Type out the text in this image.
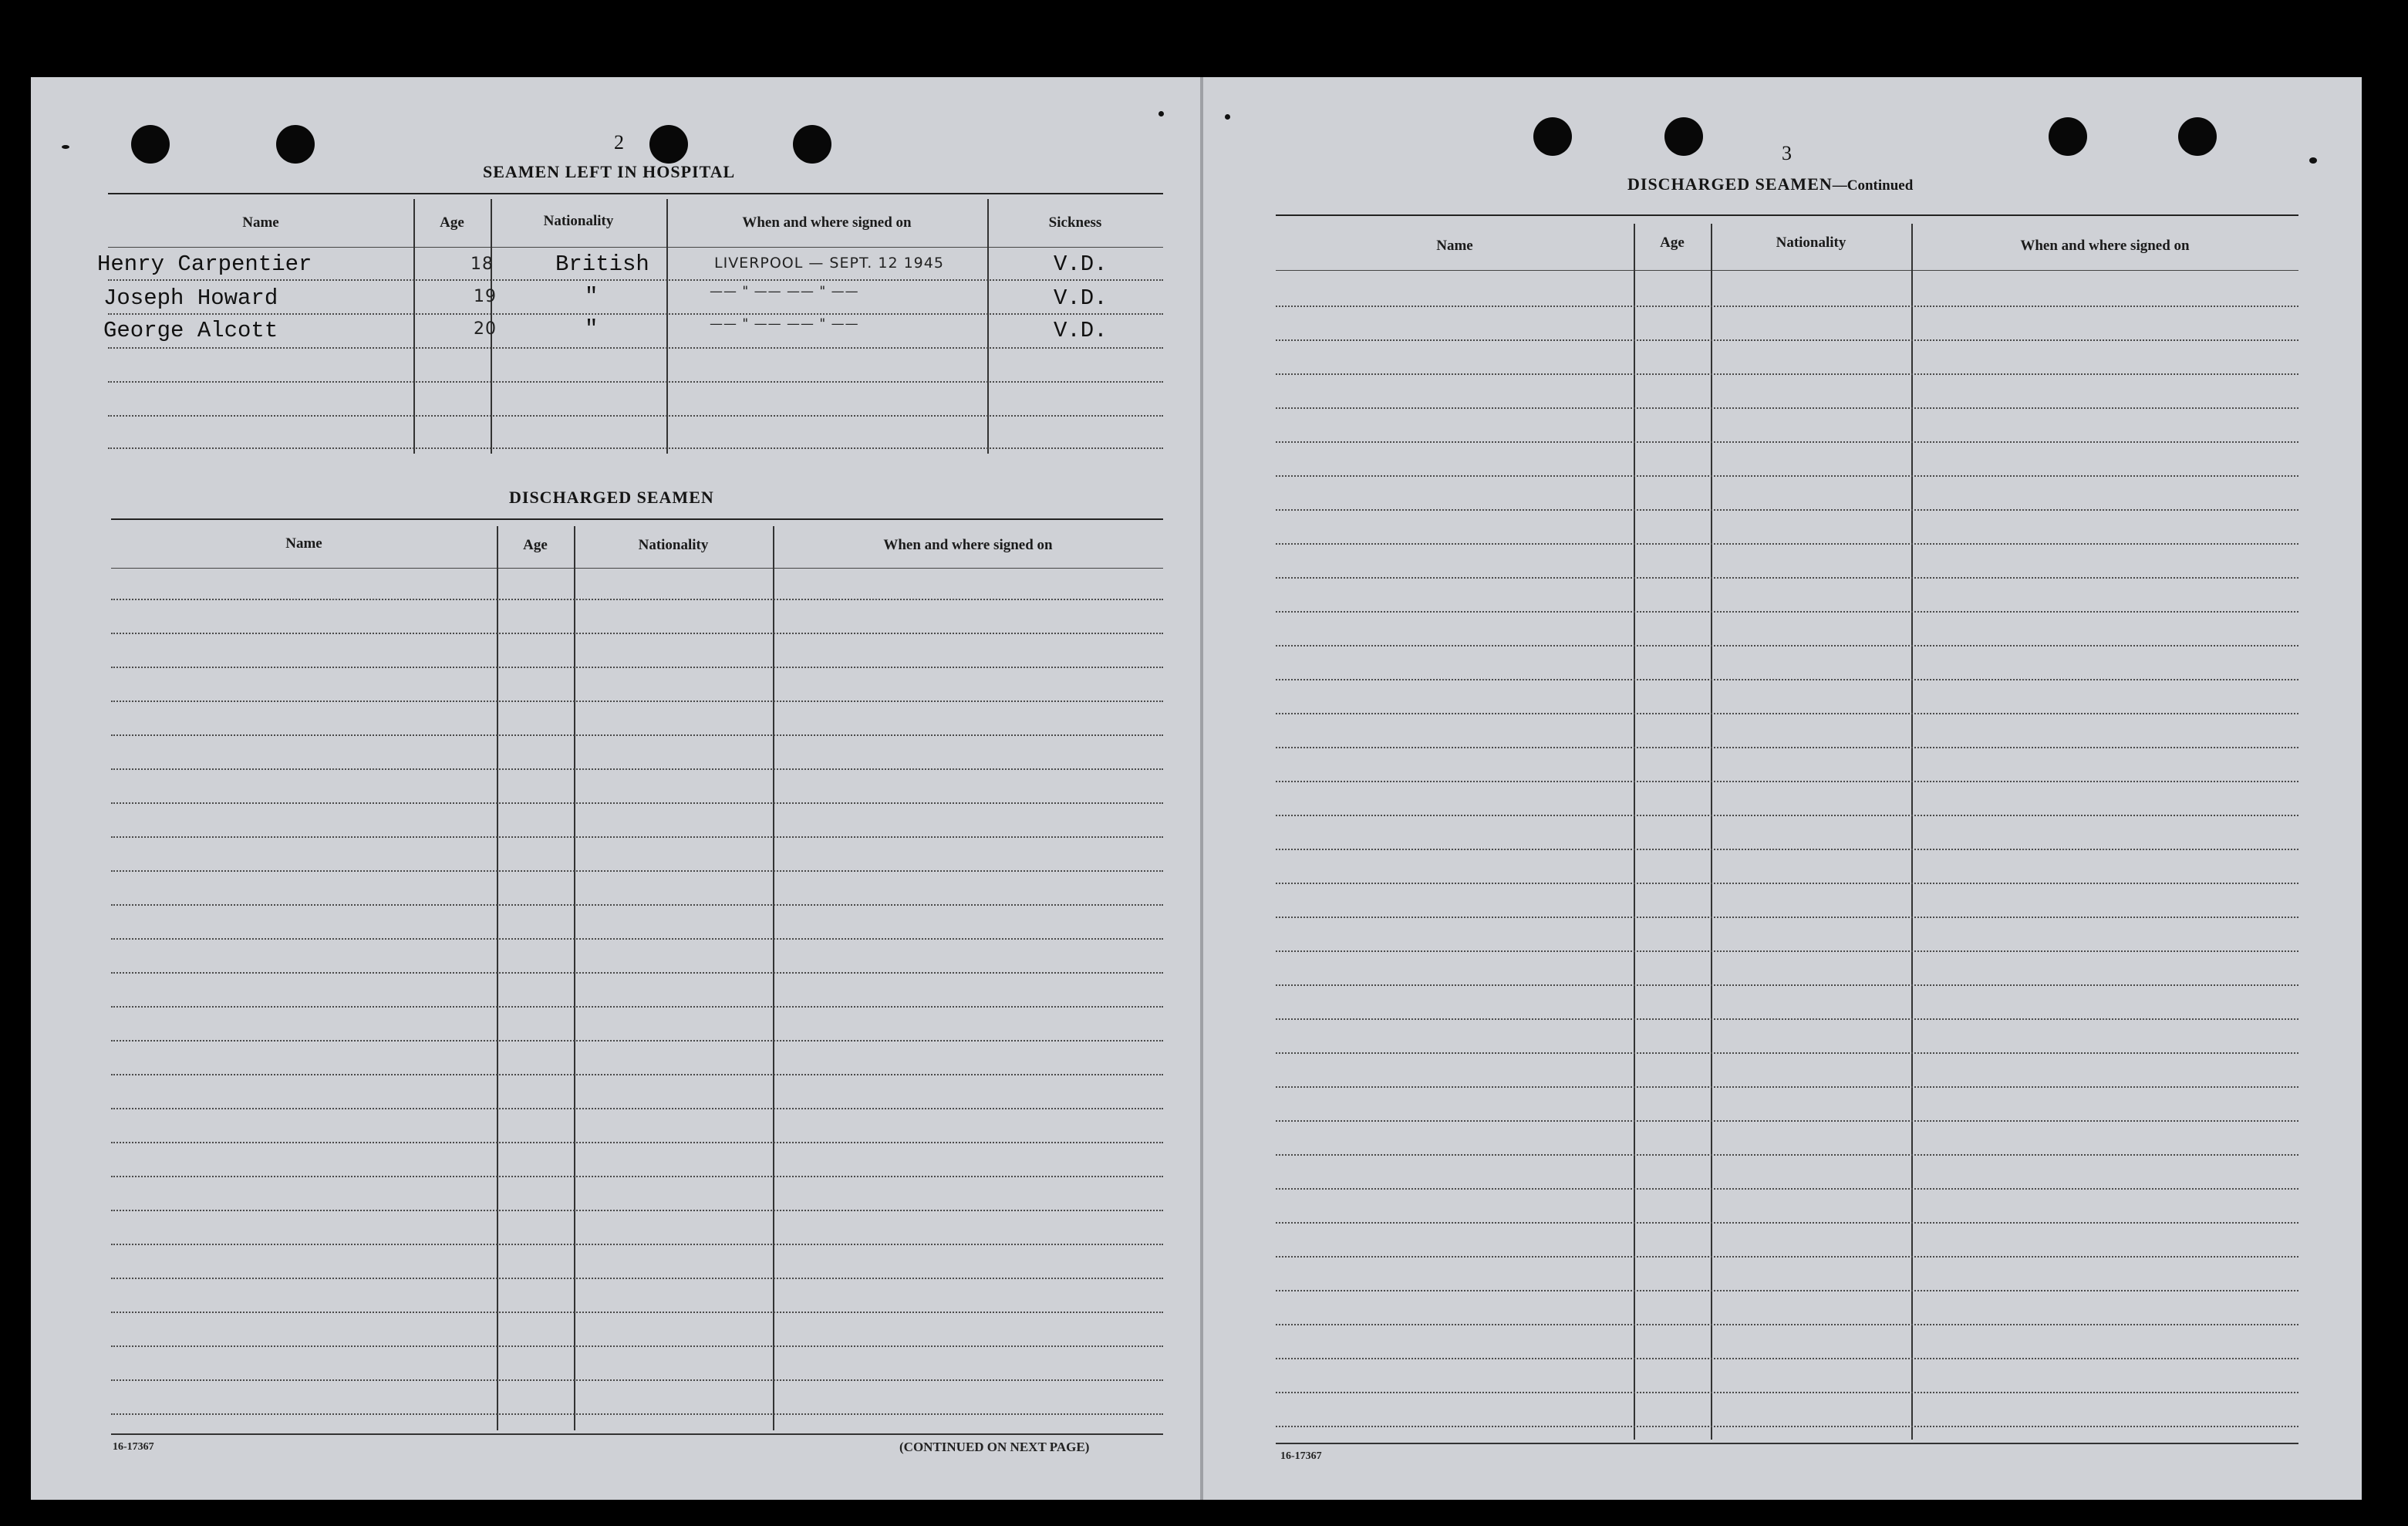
2
SEAMEN LEFT IN HOSPITAL
Name	Age	Nationality	When and where signed on	Sickness
Henry Carpentier	18	British	LIVERPOOL — SEPT. 12 1945	V.D.
Joseph Howard	19	"	—— " —— —— " ——	V.D.
George Alcott	20	"	—— " —— —— " ——	V.D.
DISCHARGED SEAMEN
Name	Age	Nationality	When and where signed on
16-17367	(CONTINUED ON NEXT PAGE)
3
DISCHARGED SEAMEN—Continued
Name	Age	Nationality	When and where signed on
16-17367
